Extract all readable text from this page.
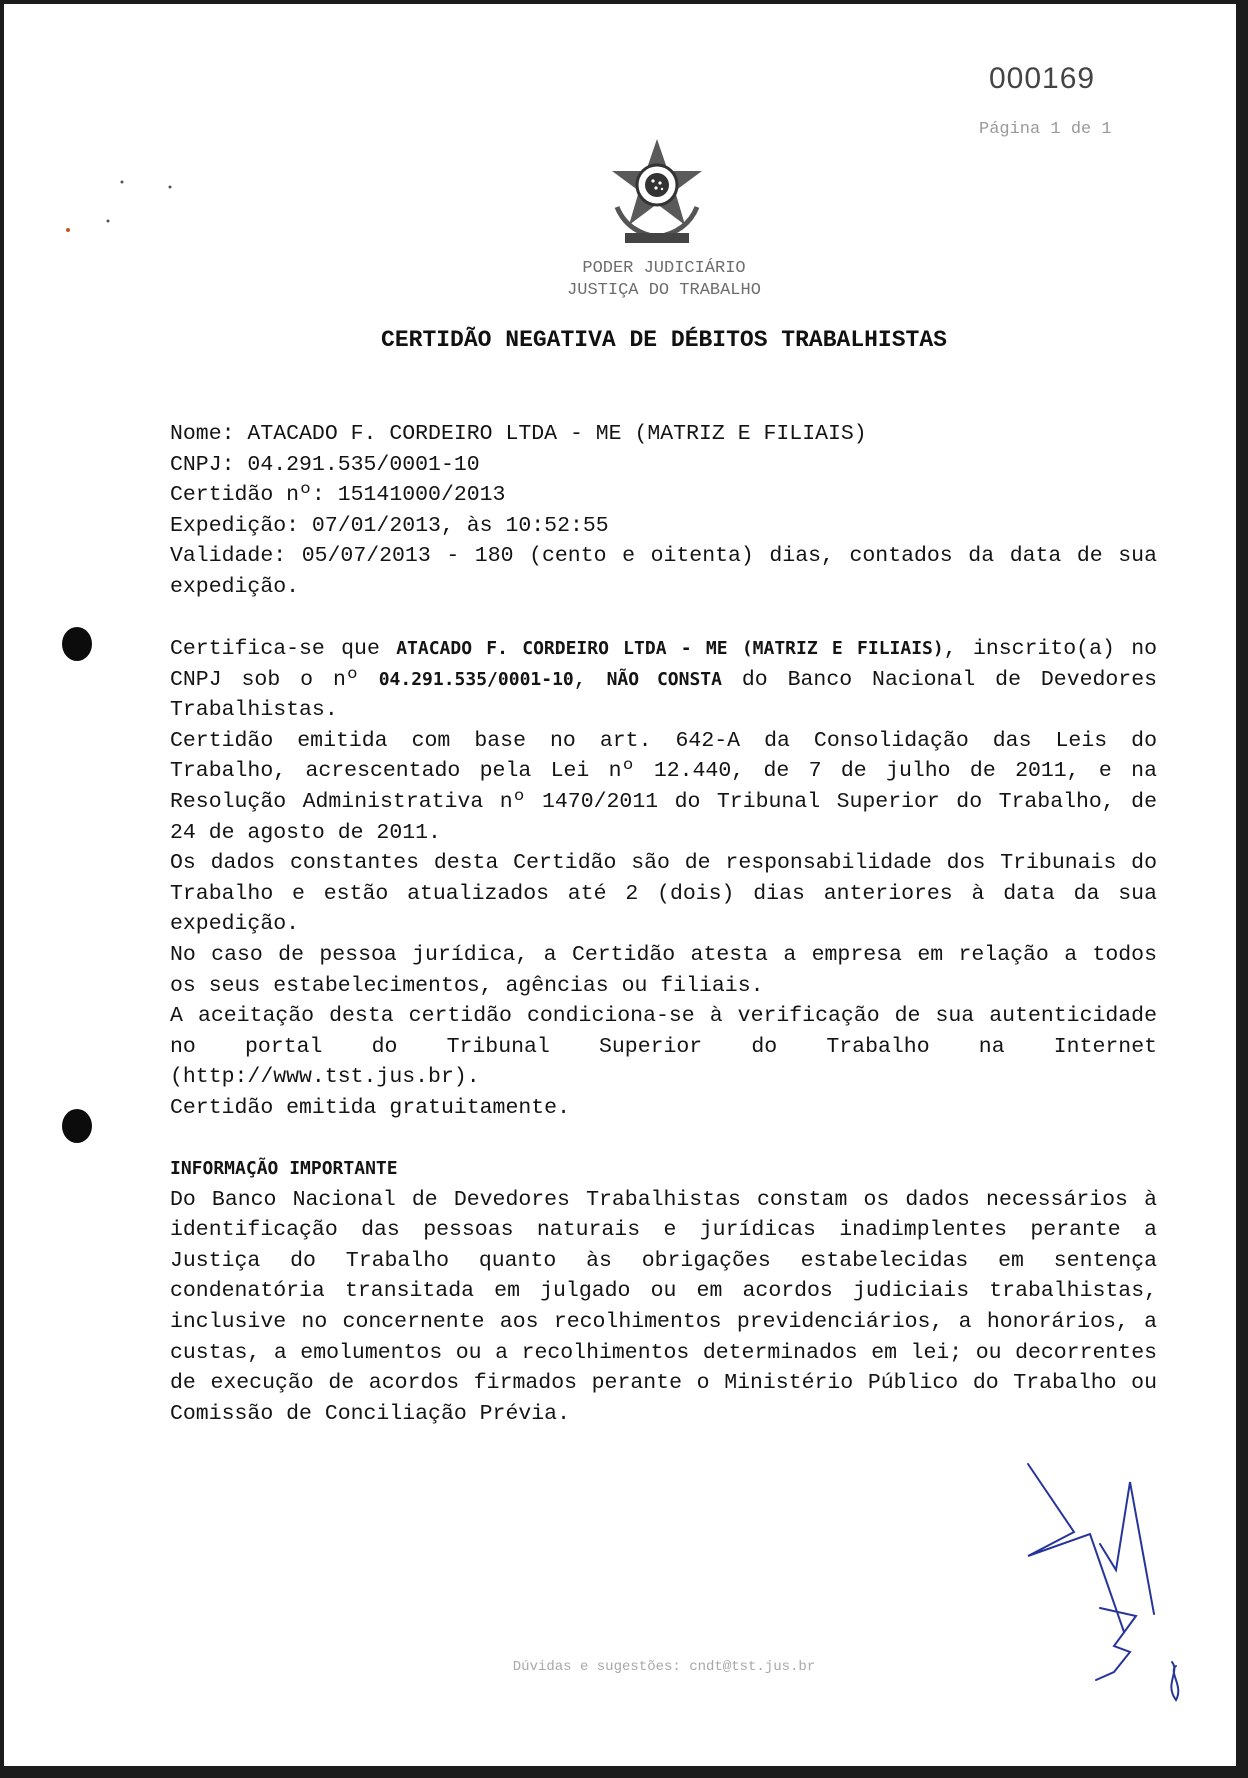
000169
Página 1 de 1
PODER JUDICIÁRIO
JUSTIÇA DO TRABALHO
CERTIDÃO NEGATIVA DE DÉBITOS TRABALHISTAS
Nome: ATACADO F. CORDEIRO LTDA - ME (MATRIZ E FILIAIS)
CNPJ: 04.291.535/0001-10
Certidão nº: 15141000/2013
Expedição: 07/01/2013, às 10:52:55

Validade: 05/07/2013 - 180 (cento e oitenta) dias, contados da data de sua expedição.

Certifica-se que ATACADO F. CORDEIRO LTDA - ME (MATRIZ E FILIAIS), inscrito(a) no CNPJ sob o nº 04.291.535/0001-10, NÃO CONSTA do Banco Nacional de Devedores Trabalhistas.

Certidão emitida com base no art. 642-A da Consolidação das Leis do Trabalho, acrescentado pela Lei nº 12.440, de 7 de julho de 2011, e na Resolução Administrativa nº 1470/2011 do Tribunal Superior do Trabalho, de 24 de agosto de 2011.

Os dados constantes desta Certidão são de responsabilidade dos Tribunais do Trabalho e estão atualizados até 2 (dois) dias anteriores à data da sua expedição.

No caso de pessoa jurídica, a Certidão atesta a empresa em relação a todos os seus estabelecimentos, agências ou filiais.

A aceitação desta certidão condiciona-se à verificação de sua autenticidade no portal do Tribunal Superior do Trabalho na Internet (http://www.tst.jus.br).

Certidão emitida gratuitamente.

INFORMAÇÃO IMPORTANTE

Do Banco Nacional de Devedores Trabalhistas constam os dados necessários à identificação das pessoas naturais e jurídicas inadimplentes perante a Justiça do Trabalho quanto às obrigações estabelecidas em sentença condenatória transitada em julgado ou em acordos judiciais trabalhistas, inclusive no concernente aos recolhimentos previdenciários, a honorários, a custas, a emolumentos ou a recolhimentos determinados em lei; ou decorrentes de execução de acordos firmados perante o Ministério Público do Trabalho ou Comissão de Conciliação Prévia.

Dúvidas e sugestões: cndt@tst.jus.br
